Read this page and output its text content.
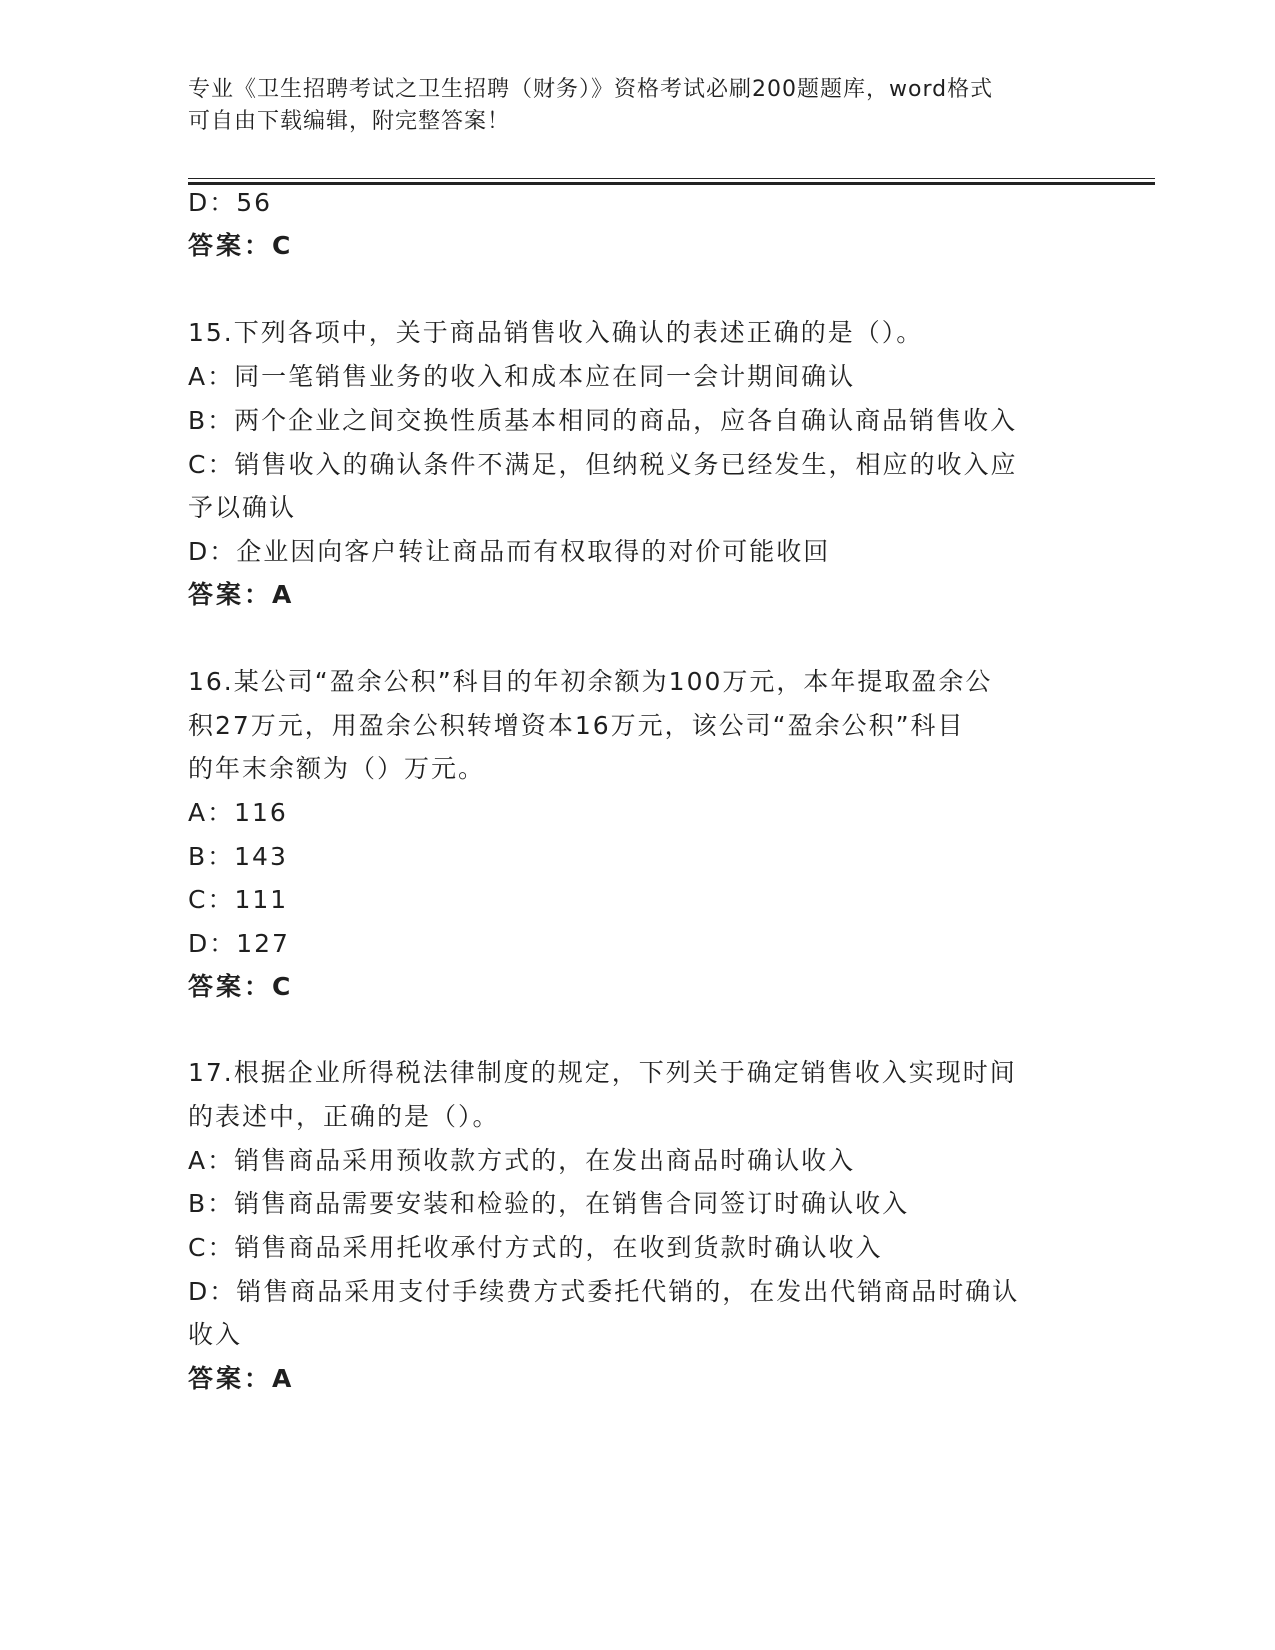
专业《卫生招聘考试之卫生招聘（财务）》资格考试必刷200题题库，word格式
可自由下载编辑，附完整答案！
D：56
答案：C
15.下列各项中，关于商品销售收入确认的表述正确的是（）。
A：同一笔销售业务的收入和成本应在同一会计期间确认
B：两个企业之间交换性质基本相同的商品，应各自确认商品销售收入
C：销售收入的确认条件不满足，但纳税义务已经发生，相应的收入应
予以确认
D：企业因向客户转让商品而有权取得的对价可能收回
答案：A
16.某公司“盈余公积”科目的年初余额为100万元，本年提取盈余公
积27万元，用盈余公积转增资本16万元，该公司“盈余公积”科目
的年末余额为（）万元。
A：116
B：143
C：111
D：127
答案：C
17.根据企业所得税法律制度的规定，下列关于确定销售收入实现时间
的表述中，正确的是（）。
A：销售商品采用预收款方式的，在发出商品时确认收入
B：销售商品需要安装和检验的，在销售合同签订时确认收入
C：销售商品采用托收承付方式的，在收到货款时确认收入
D：销售商品采用支付手续费方式委托代销的，在发出代销商品时确认
收入
答案：A
